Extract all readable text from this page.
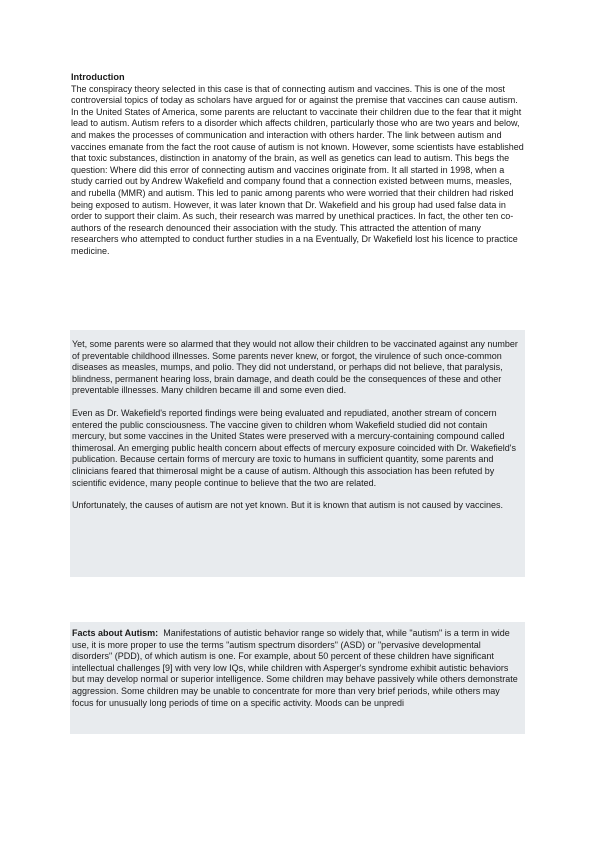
Introduction

The conspiracy theory selected in this case is that of connecting autism and vaccines. This is one of the most controversial topics of today as scholars have argued for or against the premise that vaccines can cause autism. In the United States of America, some parents are reluctant to vaccinate their children due to the fear that it might lead to autism. Autism refers to a disorder which affects children, particularly those who are two years and below, and makes the processes of communication and interaction with others harder. The link between autism and vaccines emanate from the fact the root cause of autism is not known. However, some scientists have established that toxic substances, distinction in anatomy of the brain, as well as genetics can lead to autism. This begs the question: Where did this error of connecting autism and vaccines originate from. It all started in 1998, when a study carried out by Andrew Wakefield and company found that a connection existed between mums, measles, and rubella (MMR) and autism. This led to panic among parents who were worried that their children had risked being exposed to autism. However, it was later known that Dr. Wakefield and his group had used false data in order to support their claim. As such, their research was marred by unethical practices. In fact, the other ten co-authors of the research denounced their association with the study. This attracted the attention of many researchers who attempted to conduct further studies in a na Eventually, Dr Wakefield lost his licence to practice medicine.

Yet, some parents were so alarmed that they would not allow their children to be vaccinated against any number of preventable childhood illnesses. Some parents never knew, or forgot, the virulence of such once-common diseases as measles, mumps, and polio. They did not understand, or perhaps did not believe, that paralysis, blindness, permanent hearing loss, brain damage, and death could be the consequences of these and other preventable illnesses. Many children became ill and some even died.

Even as Dr. Wakefield's reported findings were being evaluated and repudiated, another stream of concern entered the public consciousness. The vaccine given to children whom Wakefield studied did not contain mercury, but some vaccines in the United States were preserved with a mercury-containing compound called thimerosal. An emerging public health concern about effects of mercury exposure coincided with Dr. Wakefield's publication. Because certain forms of mercury are toxic to humans in sufficient quantity, some parents and clinicians feared that thimerosal might be a cause of autism. Although this association has been refuted by scientific evidence, many people continue to believe that the two are related.

Unfortunately, the causes of autism are not yet known. But it is known that autism is not caused by vaccines.

Facts about Autism: Manifestations of autistic behavior range so widely that, while "autism" is a term in wide use, it is more proper to use the terms "autism spectrum disorders" (ASD) or "pervasive developmental disorders" (PDD), of which autism is one. For example, about 50 percent of these children have significant intellectual challenges [9] with very low IQs, while children with Asperger's syndrome exhibit autistic behaviors but may develop normal or superior intelligence. Some children may behave passively while others demonstrate aggression. Some children may be unable to concentrate for more than very brief periods, while others may focus for unusually long periods of time on a specific activity. Moods can be unpredi
